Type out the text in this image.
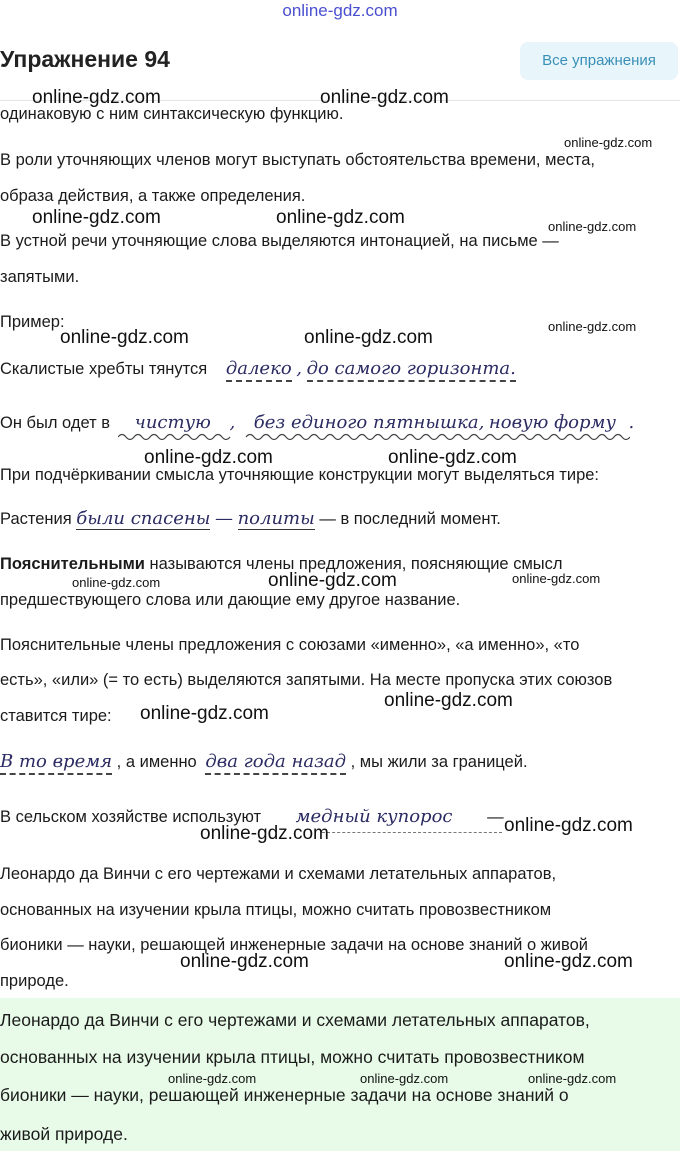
online-gdz.com
Упражнение 94	Все упражнения
одинаковую с ним синтаксическую функцию.
В роли уточняющих членов могут выступать обстоятельства времени, места,
образа действия, а также определения.
В устной речи уточняющие слова выделяются интонацией, на письме —
запятыми.
Пример:
Скалистые хребты тянутся далеко , до самого горизонта.
Он был одет в чистую , без единого пятнышка, новую форму .
При подчёркивании смысла уточняющие конструкции могут выделяться тире:
Растения были спасены — политы — в последний момент.
Пояснительными называются члены предложения, поясняющие смысл
предшествующего слова или дающие ему другое название.
Пояснительные члены предложения с союзами «именно», «а именно», «то
есть», «или» (= то есть) выделяются запятыми. На месте пропуска этих союзов
ставится тире:
В то время , а именно два года назад , мы жили за границей.
В сельском хозяйстве используют медный купорос —
Леонардо да Винчи с его чертежами и схемами летательных аппаратов,
основанных на изучении крыла птицы, можно считать провозвестником
бионики — науки, решающей инженерные задачи на основе знаний о живой
природе.
Леонардо да Винчи с его чертежами и схемами летательных аппаратов,
основанных на изучении крыла птицы, можно считать провозвестником
бионики — науки, решающей инженерные задачи на основе знаний о
живой природе.
online-gdz.com	online-gdz.com
online-gdz.com
online-gdz.com	online-gdz.com	online-gdz.com
online-gdz.com	online-gdz.com
online-gdz.com
online-gdz.com	online-gdz.com
online-gdz.com	online-gdz.com	online-gdz.com
online-gdz.com
online-gdz.com
online-gdz.com	online-gdz.com
online-gdz.com	online-gdz.com
online-gdz.com	online-gdz.com	online-gdz.com
